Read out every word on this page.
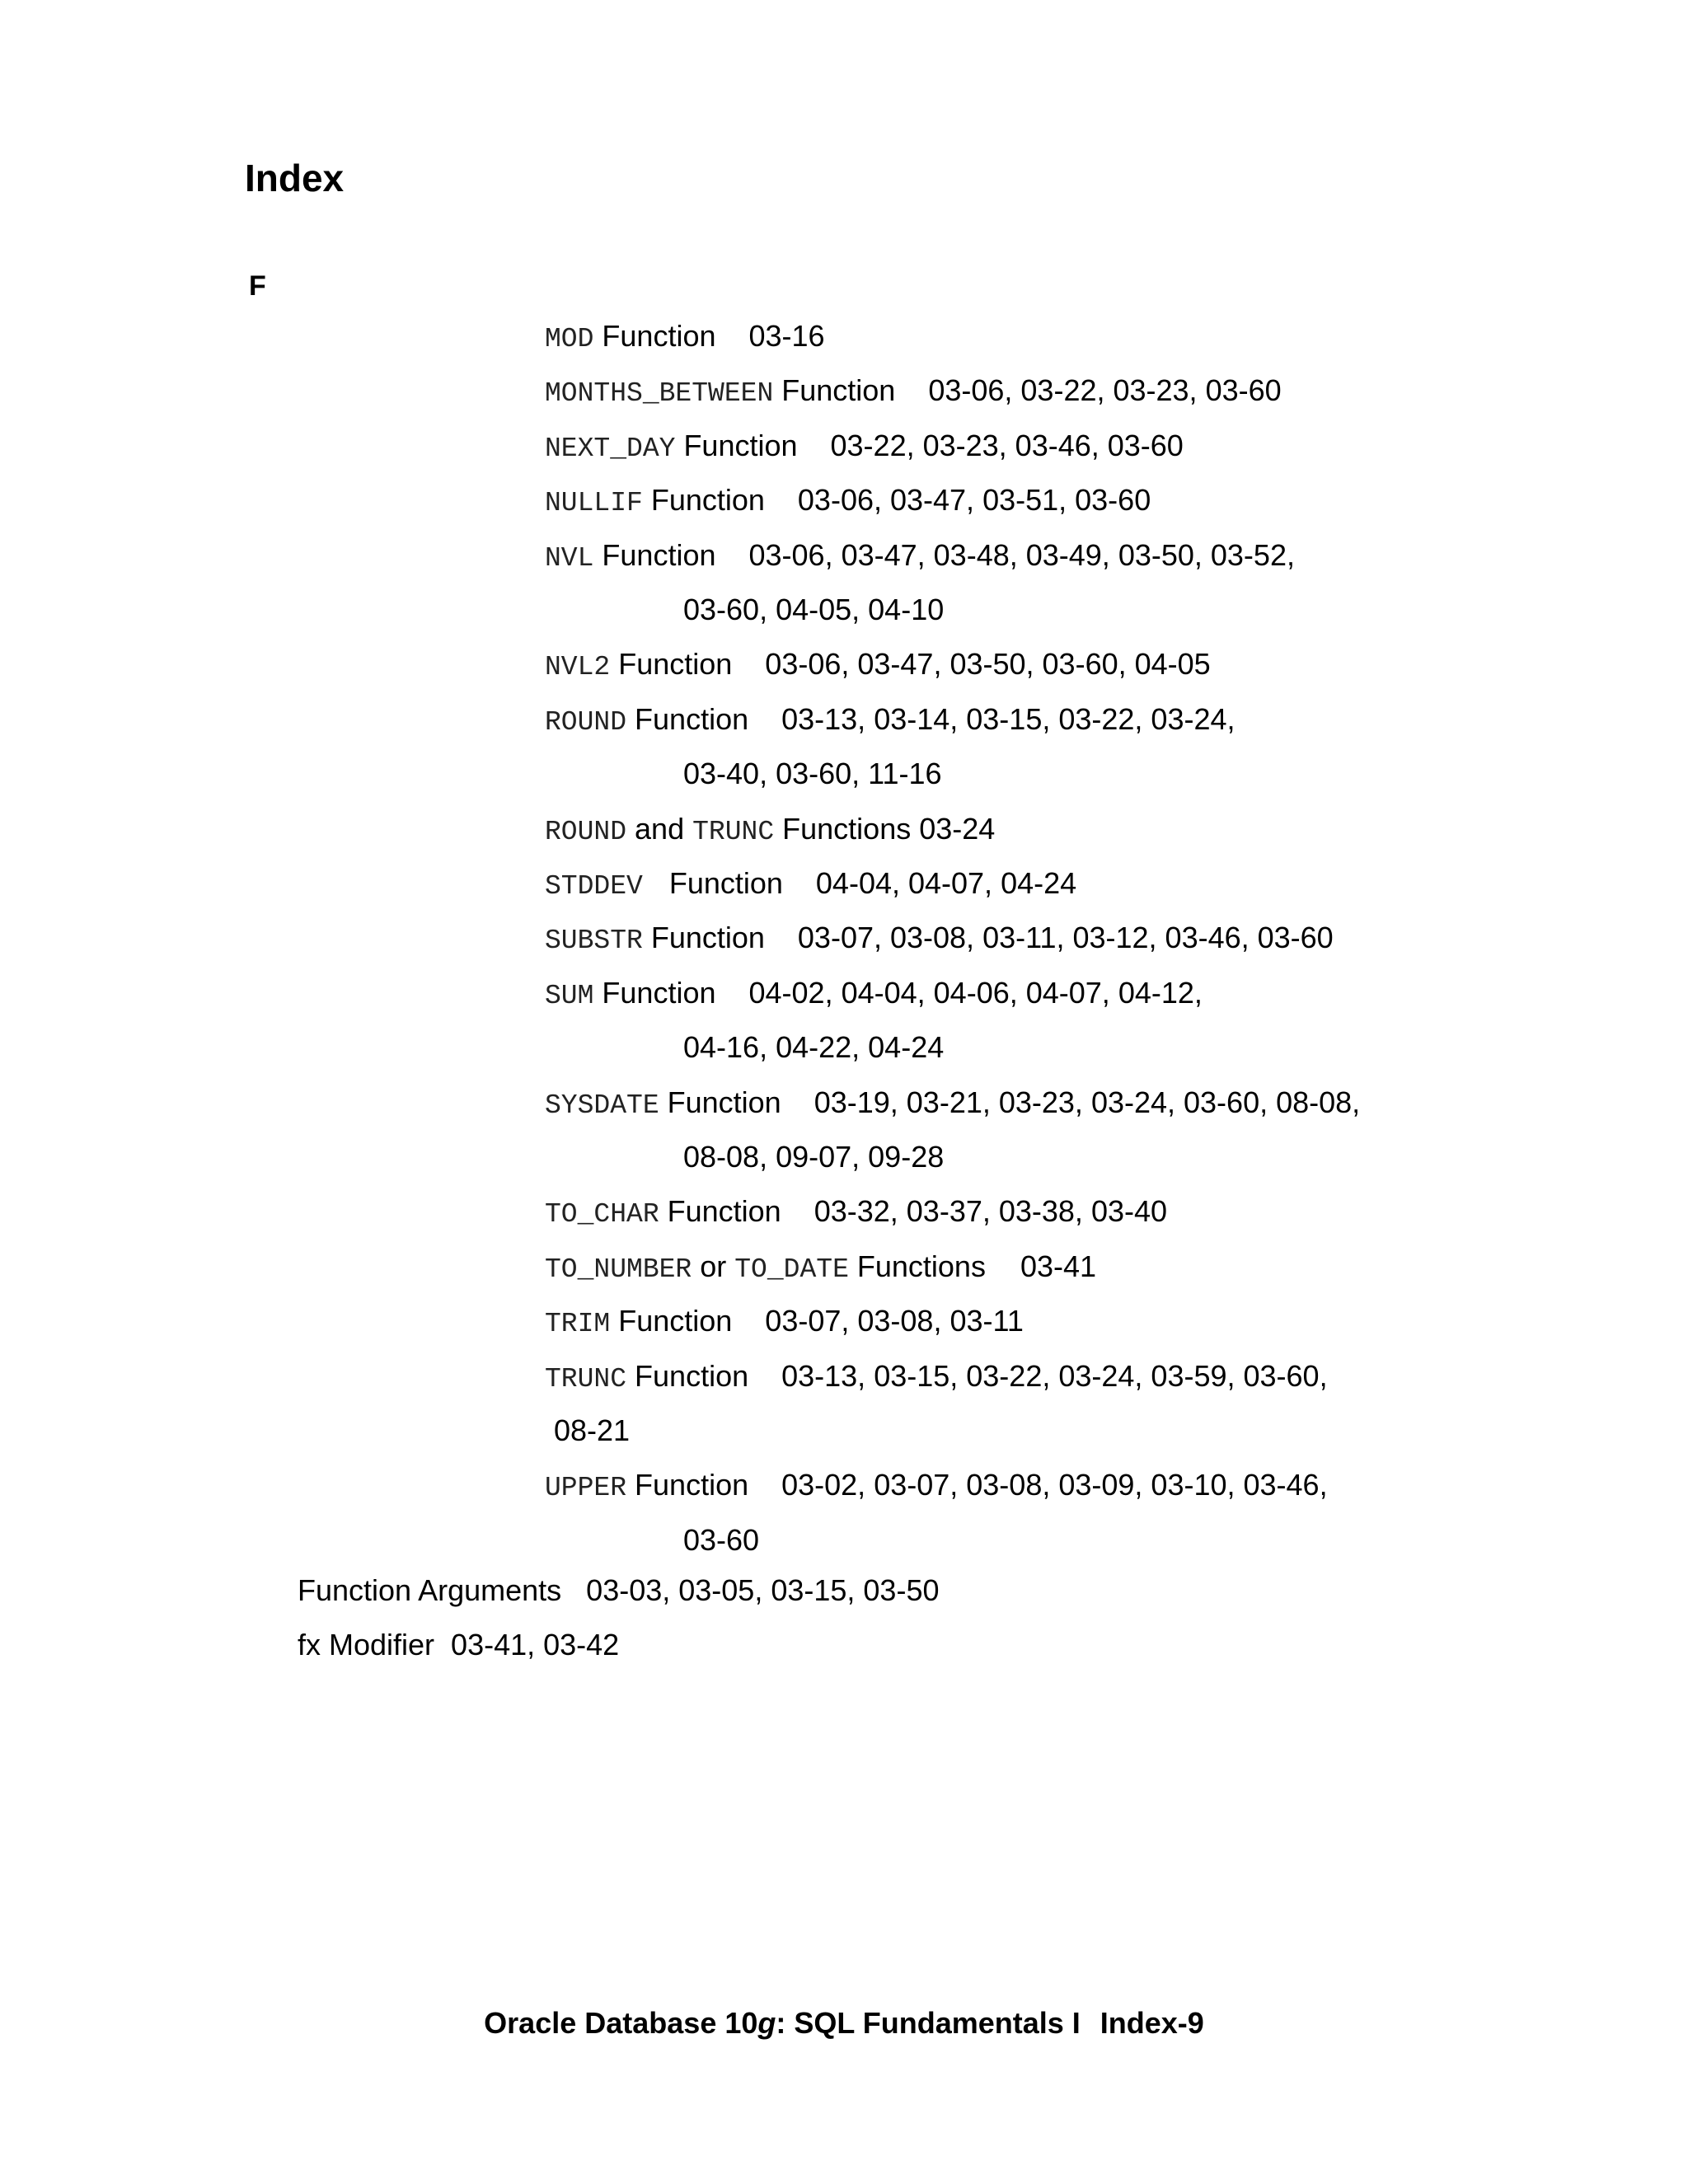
Index
F
MOD Function 03-16
MONTHS_BETWEEN Function 03-06, 03-22, 03-23, 03-60
NEXT_DAY Function 03-22, 03-23, 03-46, 03-60
NULLIF Function 03-06, 03-47, 03-51, 03-60
NVL Function 03-06, 03-47, 03-48, 03-49, 03-50, 03-52,
03-60, 04-05, 04-10
NVL2 Function 03-06, 03-47, 03-50, 03-60, 04-05
ROUND Function 03-13, 03-14, 03-15, 03-22, 03-24,
03-40, 03-60, 11-16
ROUND and TRUNC Functions 03-24
STDDEV Function 04-04, 04-07, 04-24
SUBSTR Function 03-07, 03-08, 03-11, 03-12, 03-46, 03-60
SUM Function 04-02, 04-04, 04-06, 04-07, 04-12,
04-16, 04-22, 04-24
SYSDATE Function 03-19, 03-21, 03-23, 03-24, 03-60, 08-08,
08-08, 09-07, 09-28
TO_CHAR Function 03-32, 03-37, 03-38, 03-40
TO_NUMBER or TO_DATE Functions 03-41
TRIM Function 03-07, 03-08, 03-11
TRUNC Function 03-13, 03-15, 03-22, 03-24, 03-59, 03-60,
08-21
UPPER Function 03-02, 03-07, 03-08, 03-09, 03-10, 03-46,
03-60
Function Arguments 03-03, 03-05, 03-15, 03-50
fx Modifier 03-41, 03-42
Oracle Database 10g: SQL Fundamentals I Index-9
